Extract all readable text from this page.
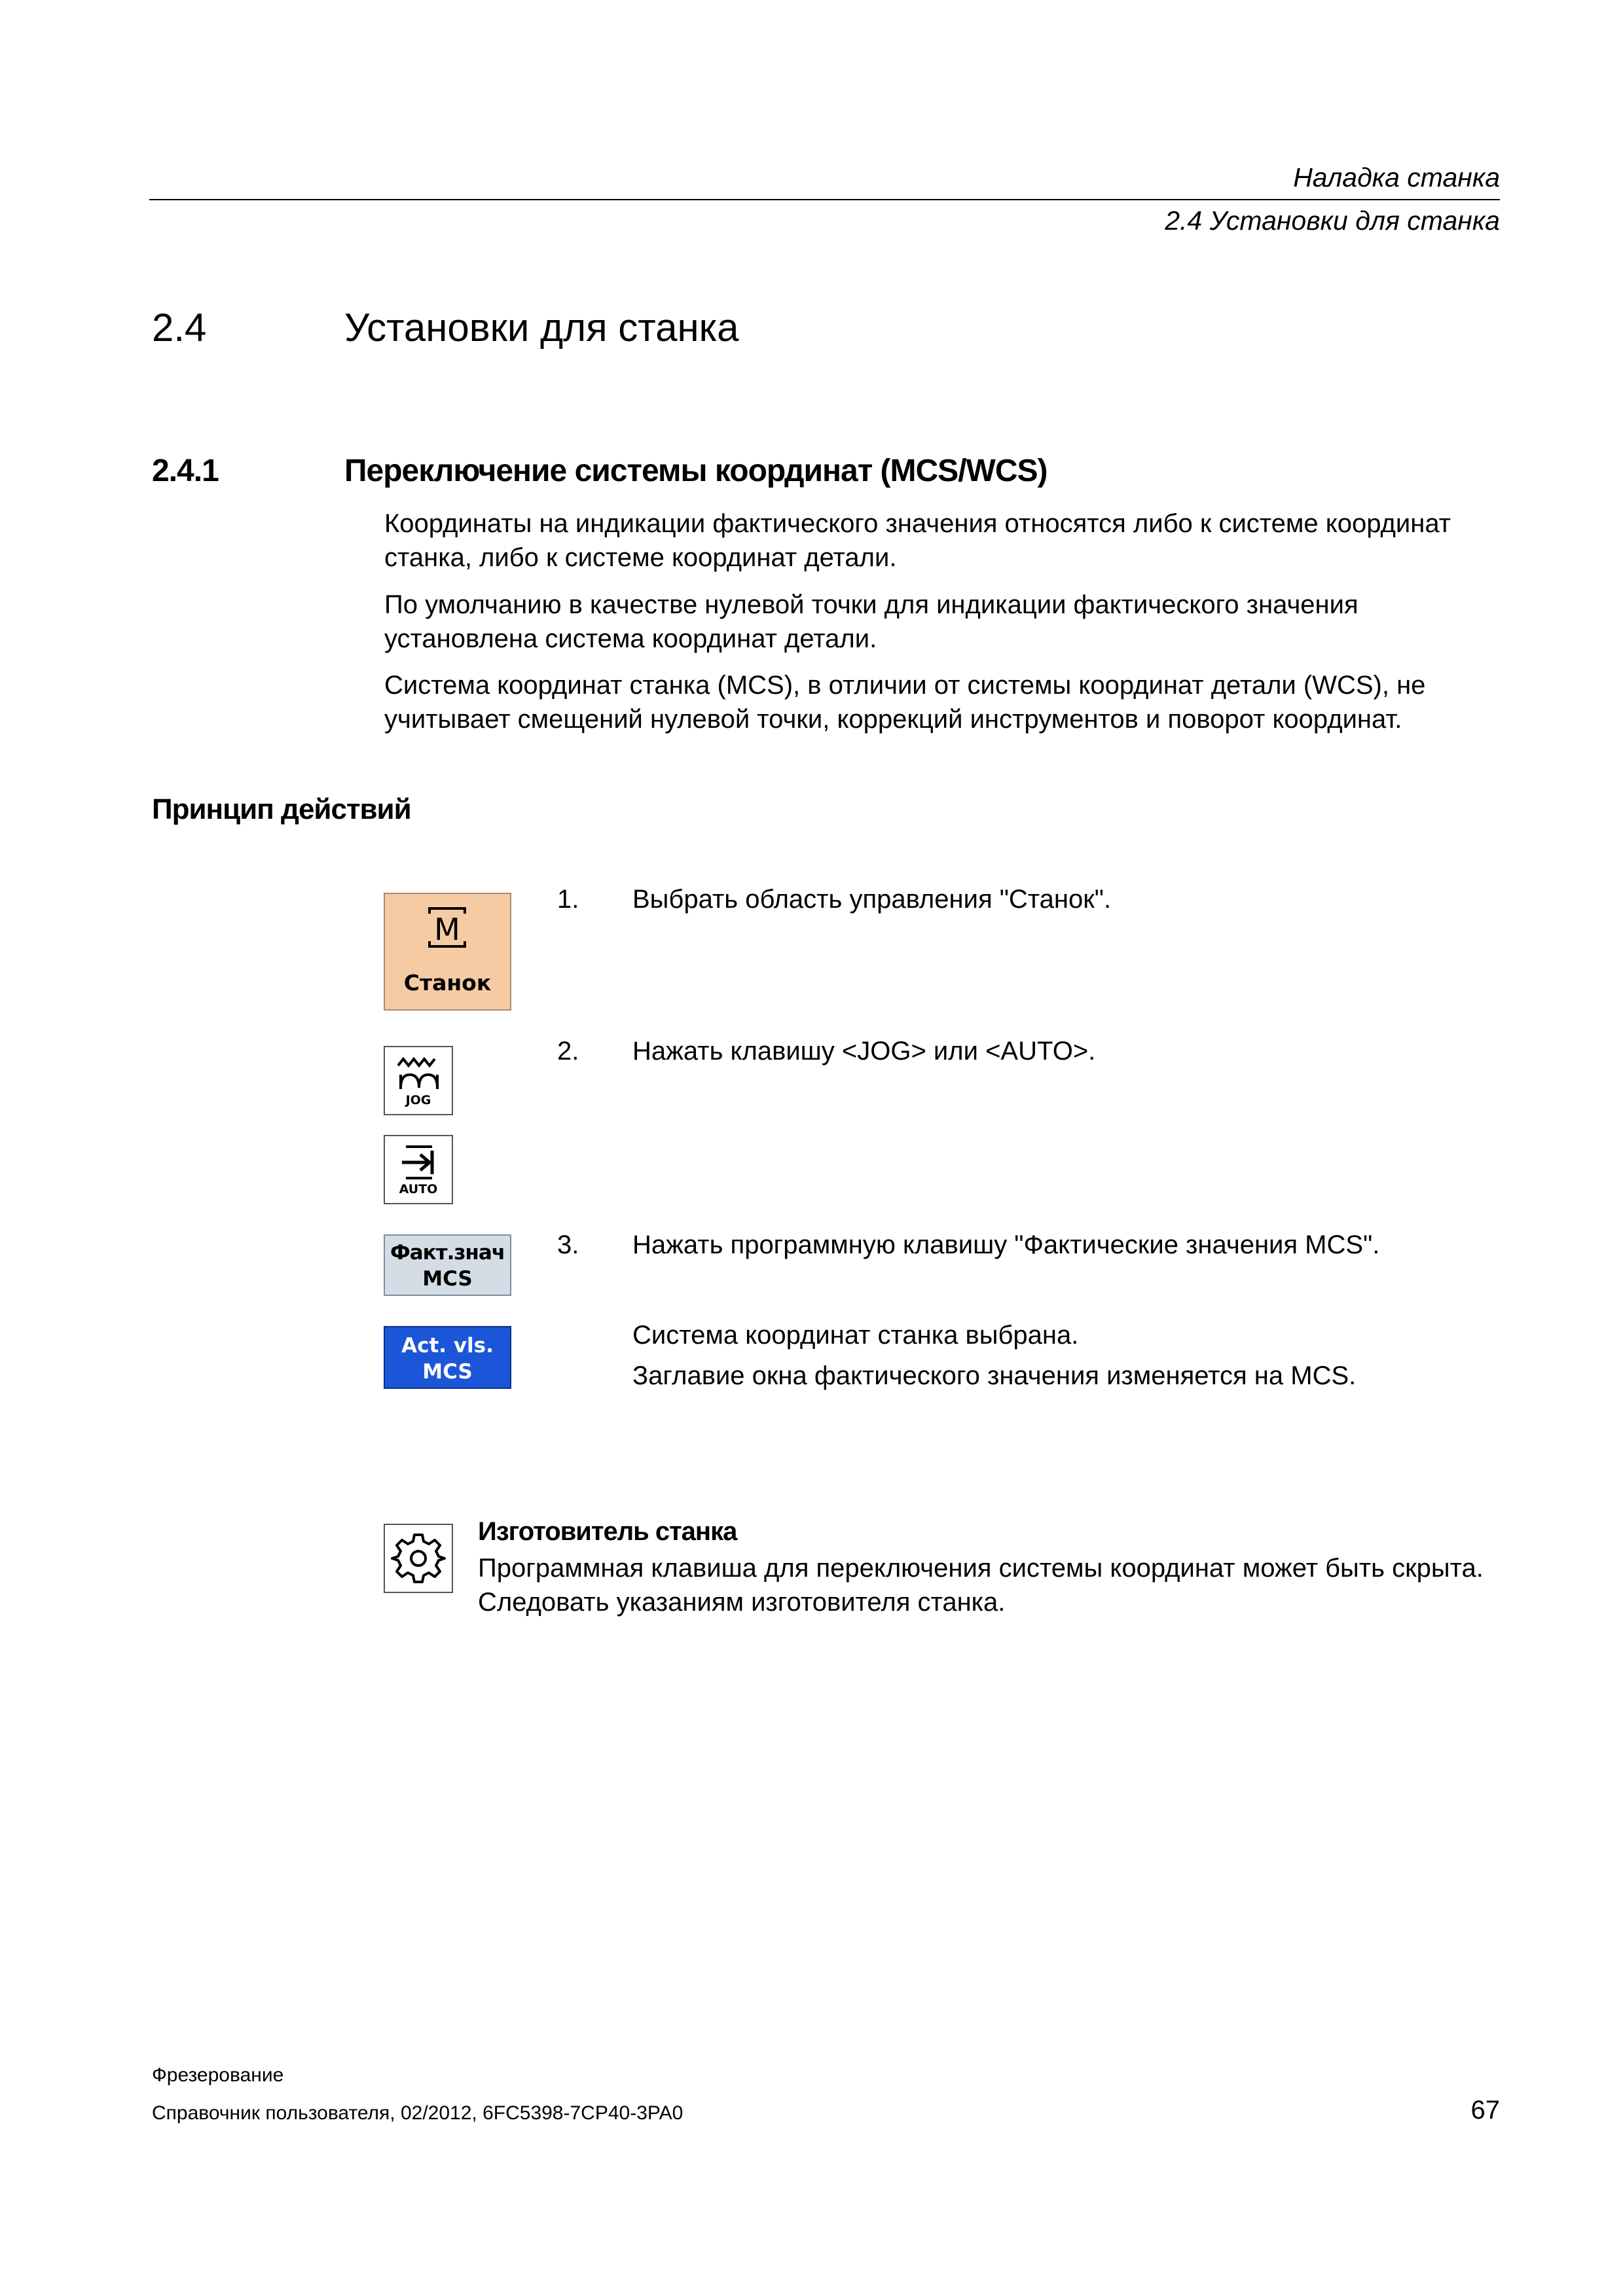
Наладка станка
2.4 Установки для станка
2.4	Установки для станка
2.4.1	Переключение системы координат (MCS/WCS)
Координаты на индикации фактического значения относятся либо к системе координат станка, либо к системе координат детали.
По умолчанию в качестве нулевой точки для индикации фактического значения установлена система координат детали.
Система координат станка (MCS), в отличии от системы координат детали (WCS), не учитывает смещений нулевой точки, коррекций инструментов и поворот координат.
Принцип действий
M
Станок
JOG
AUTO
Факт.знач
MCS
Act. vls.
MCS
1. Выбрать область управления "Станок".
2. Нажать клавишу <JOG> или <AUTO>.
3. Нажать программную клавишу "Фактические значения MCS".
Система координат станка выбрана.
Заглавие окна фактического значения изменяется на MCS.
Изготовитель станка
Программная клавиша для переключения системы координат может быть скрыта. Следовать указаниям изготовителя станка.
Фрезерование
Справочник пользователя, 02/2012, 6FC5398-7CP40-3PA0	67
